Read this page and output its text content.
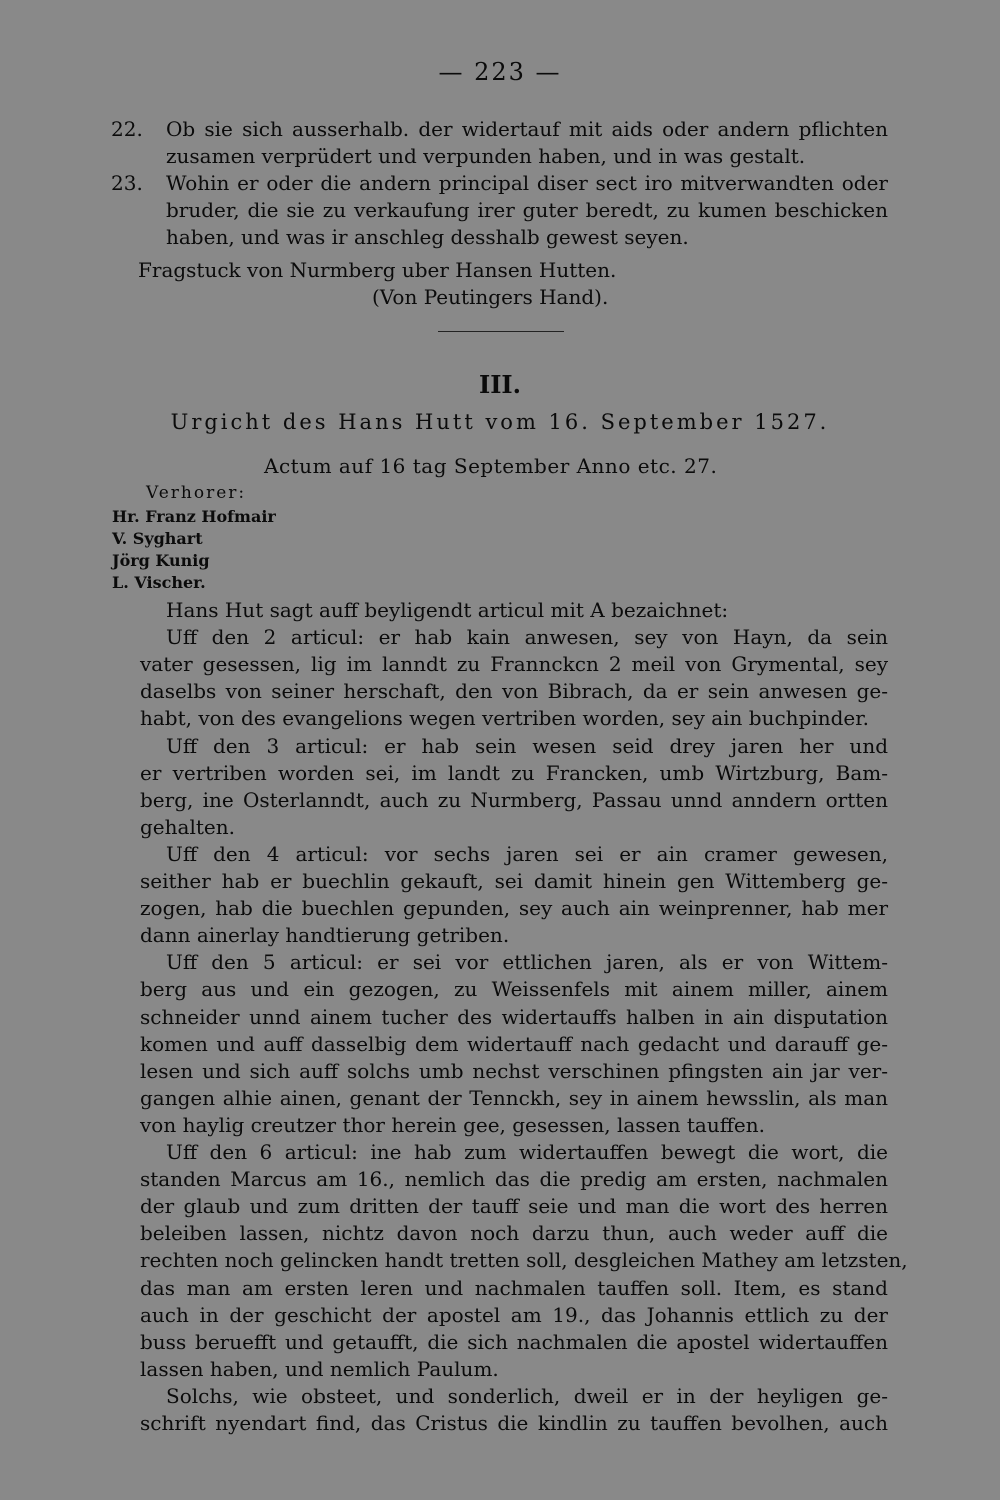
— 223 —
22. Ob sie sich ausserhalb. der widertauf mit aids oder andern pflichten
zusamen verprüdert und verpunden haben, und in was gestalt.
23. Wohin er oder die andern principal diser sect iro mitverwandten oder
bruder, die sie zu verkaufung irer guter beredt, zu kumen beschicken
haben, und was ir anschleg desshalb gewest seyen.
Fragstuck von Nurmberg uber Hansen Hutten.
(Von Peutingers Hand).
III.
Urgicht des Hans Hutt vom 16. September 1527.
Actum auf 16 tag September Anno etc. 27.
Verhorer:
Hr. Franz Hofmair
V. Syghart
Jörg Kunig
L. Vischer.
Hans Hut sagt auff beyligendt articul mit A bezaichnet:
Uff den 2 articul: er hab kain anwesen, sey von Hayn, da sein
vater gesessen, lig im lanndt zu Frannckcn 2 meil von Grymental, sey
daselbs von seiner herschaft, den von Bibrach, da er sein anwesen ge-
habt, von des evangelions wegen vertriben worden, sey ain buchpinder.
Uff den 3 articul: er hab sein wesen seid drey jaren her und
er vertriben worden sei, im landt zu Francken, umb Wirtzburg, Bam-
berg, ine Osterlanndt, auch zu Nurmberg, Passau unnd anndern ortten
gehalten.
Uff den 4 articul: vor sechs jaren sei er ain cramer gewesen,
seither hab er buechlin gekauft, sei damit hinein gen Wittemberg ge-
zogen, hab die buechlen gepunden, sey auch ain weinprenner, hab mer
dann ainerlay handtierung getriben.
Uff den 5 articul: er sei vor ettlichen jaren, als er von Wittem-
berg aus und ein gezogen, zu Weissenfels mit ainem miller, ainem
schneider unnd ainem tucher des widertauffs halben in ain disputation
komen und auff dasselbig dem widertauff nach gedacht und darauff ge-
lesen und sich auff solchs umb nechst verschinen pfingsten ain jar ver-
gangen alhie ainen, genant der Tennckh, sey in ainem hewsslin, als man
von haylig creutzer thor herein gee, gesessen, lassen tauffen.
Uff den 6 articul: ine hab zum widertauffen bewegt die wort, die
standen Marcus am 16., nemlich das die predig am ersten, nachmalen
der glaub und zum dritten der tauff seie und man die wort des herren
beleiben lassen, nichtz davon noch darzu thun, auch weder auff die
rechten noch gelincken handt tretten soll, desgleichen Mathey am letzsten,
das man am ersten leren und nachmalen tauffen soll. Item, es stand
auch in der geschicht der apostel am 19., das Johannis ettlich zu der
buss beruefft und getaufft, die sich nachmalen die apostel widertauffen
lassen haben, und nemlich Paulum.
Solchs, wie obsteet, und sonderlich, dweil er in der heyligen ge-
schrift nyendart find, das Cristus die kindlin zu tauffen bevolhen, auch
